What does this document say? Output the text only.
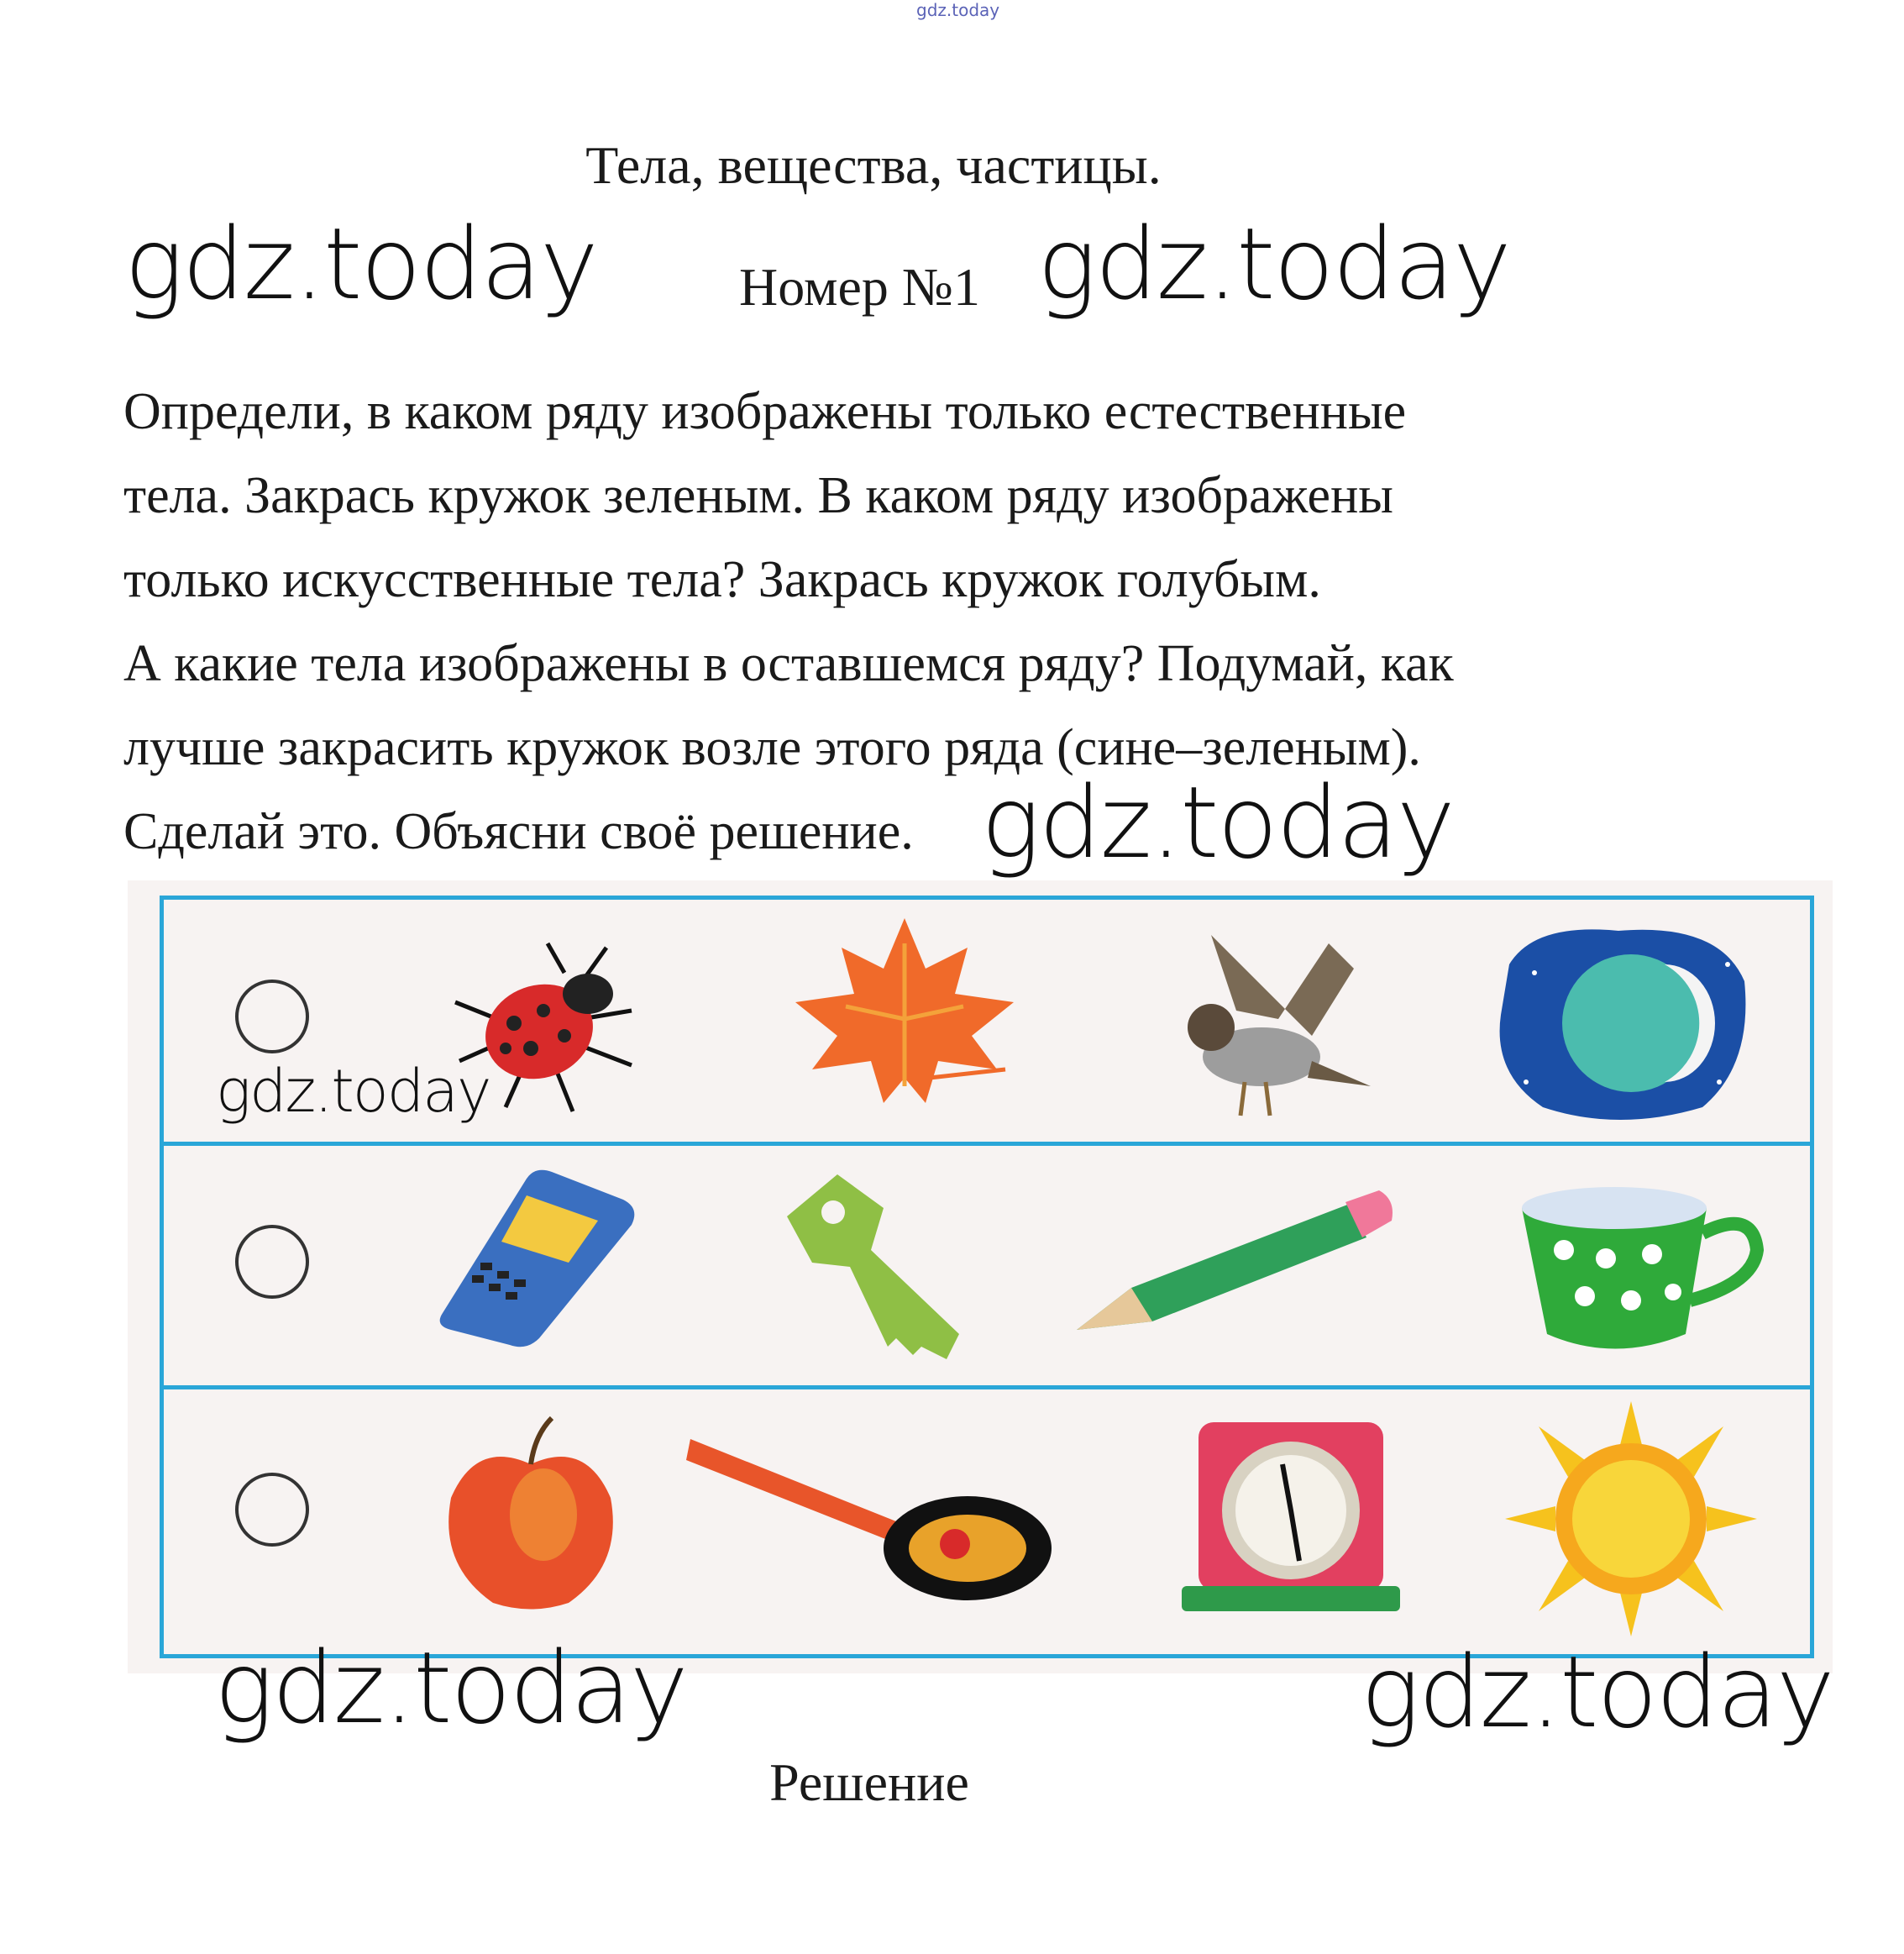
gdz.today
Тела, вещества, частицы.
gdz.today	Номер №1 gdz.today

Определи, в каком ряду изображены только естественные

тела. Закрась кружок зеленым. В каком ряду изображены

только искусственные тела? Закрась кружок голубым.

А какие тела изображены в оставшемся ряду? Подумай, как

лучше закрасить кружок возле этого ряда (сине–зеленым).

Сделай это. Объясни своё решение. gdz.today
gdz.today
gdz.today	gdz.today
Решение
